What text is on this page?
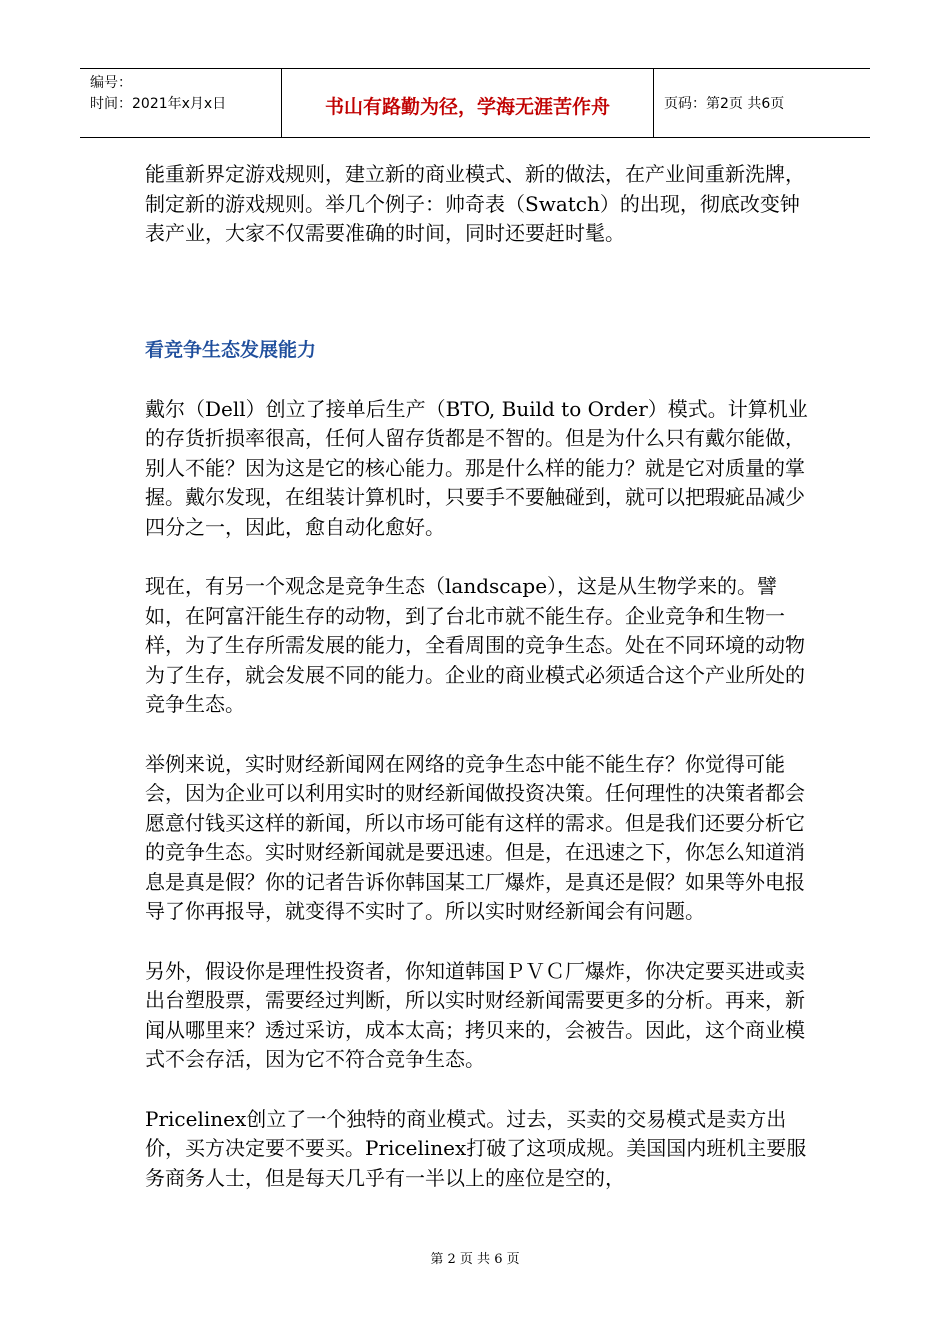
编号：
时间：2021年x月x日	书山有路勤为径，学海无涯苦作舟	页码：第2页 共6页

能重新界定游戏规则，建立新的商业模式、新的做法，在产业间重新洗牌，制定新的游戏规则。举几个例子：帅奇表（Swatch）的出现，彻底改变钟表产业，大家不仅需要准确的时间，同时还要赶时髦。

看竞争生态发展能力

戴尔（Dell）创立了接单后生产（BTO, Build to Order）模式。计算机业的存货折损率很高，任何人留存货都是不智的。但是为什么只有戴尔能做，别人不能？因为这是它的核心能力。那是什么样的能力？就是它对质量的掌握。戴尔发现，在组装计算机时，只要手不要触碰到，就可以把瑕疵品减少四分之一，因此，愈自动化愈好。

现在，有另一个观念是竞争生态（landscape），这是从生物学来的。譬如，在阿富汗能生存的动物，到了台北市就不能生存。企业竞争和生物一样，为了生存所需发展的能力，全看周围的竞争生态。处在不同环境的动物为了生存，就会发展不同的能力。企业的商业模式必须适合这个产业所处的竞争生态。

举例来说，实时财经新闻网在网络的竞争生态中能不能生存？你觉得可能会，因为企业可以利用实时的财经新闻做投资决策。任何理性的决策者都会愿意付钱买这样的新闻，所以市场可能有这样的需求。但是我们还要分析它的竞争生态。实时财经新闻就是要迅速。但是，在迅速之下，你怎么知道消息是真是假？你的记者告诉你韩国某工厂爆炸，是真还是假？如果等外电报导了你再报导，就变得不实时了。所以实时财经新闻会有问题。

另外，假设你是理性投资者，你知道韩国ＰＶＣ厂爆炸，你决定要买进或卖出台塑股票，需要经过判断，所以实时财经新闻需要更多的分析。再来，新闻从哪里来？透过采访，成本太高；拷贝来的，会被告。因此，这个商业模式不会存活，因为它不符合竞争生态。

Pricelinex创立了一个独特的商业模式。过去，买卖的交易模式是卖方出价，买方决定要不要买。Pricelinex打破了这项成规。美国国内班机主要服务商务人士，但是每天几乎有一半以上的座位是空的，

第 2 页 共 6 页
